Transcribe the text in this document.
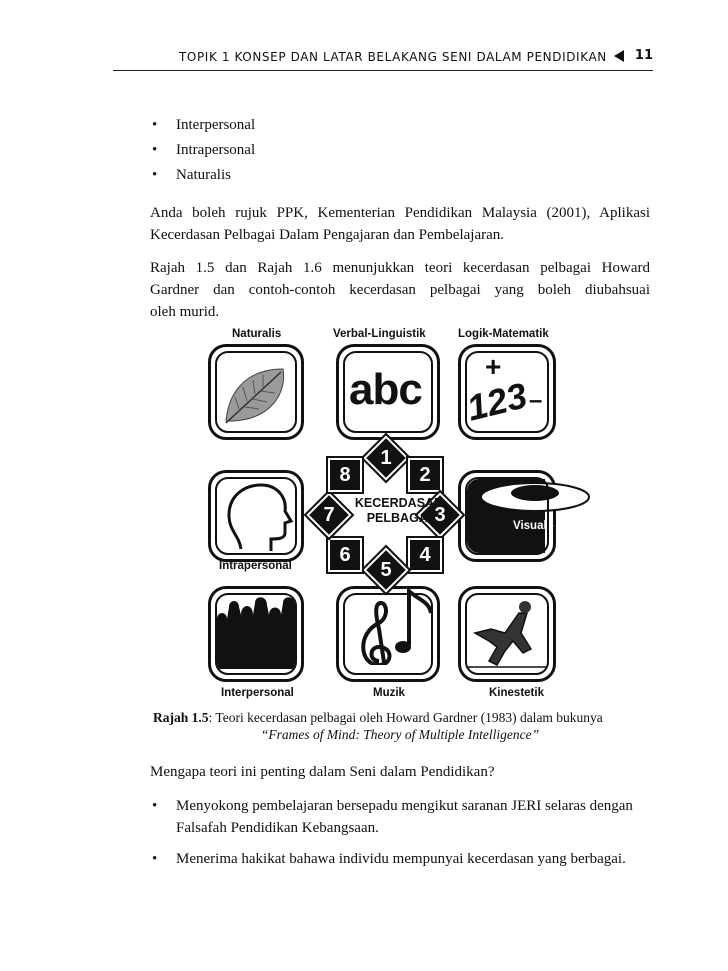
TOPIK 1 KONSEP DAN LATAR BELAKANG SENI DALAM PENDIDIKAN 11
• Interpersonal
• Intrapersonal
• Naturalis
Anda boleh rujuk PPK, Kementerian Pendidikan Malaysia (2001), Aplikasi
Kecerdasan Pelbagai Dalam Pengajaran dan Pembelajaran.
Rajah 1.5 dan Rajah 1.6 menunjukkan teori kecerdasan pelbagai Howard
Gardner dan contoh-contoh kecerdasan pelbagai yang boleh diubahsuai
oleh murid.
Naturalis	Verbal-Linguistik	Logik-Matematik
abc +
123
–
Intrapersonal
Visual - Ruang
Interpersonal	Muzik	Kinestetik
1
2
3
4
5
6
7
8
KECERDASAN
PELBAGAI
Rajah 1.5: Teori kecerdasan pelbagai oleh Howard Gardner (1983) dalam bukunya
“Frames of Mind: Theory of Multiple Intelligence”
Mengapa teori ini penting dalam Seni dalam Pendidikan?
• Menyokong pembelajaran bersepadu mengikut saranan JERI selaras dengan
Falsafah Pendidikan Kebangsaan.
• Menerima hakikat bahawa individu mempunyai kecerdasan yang berbagai.
